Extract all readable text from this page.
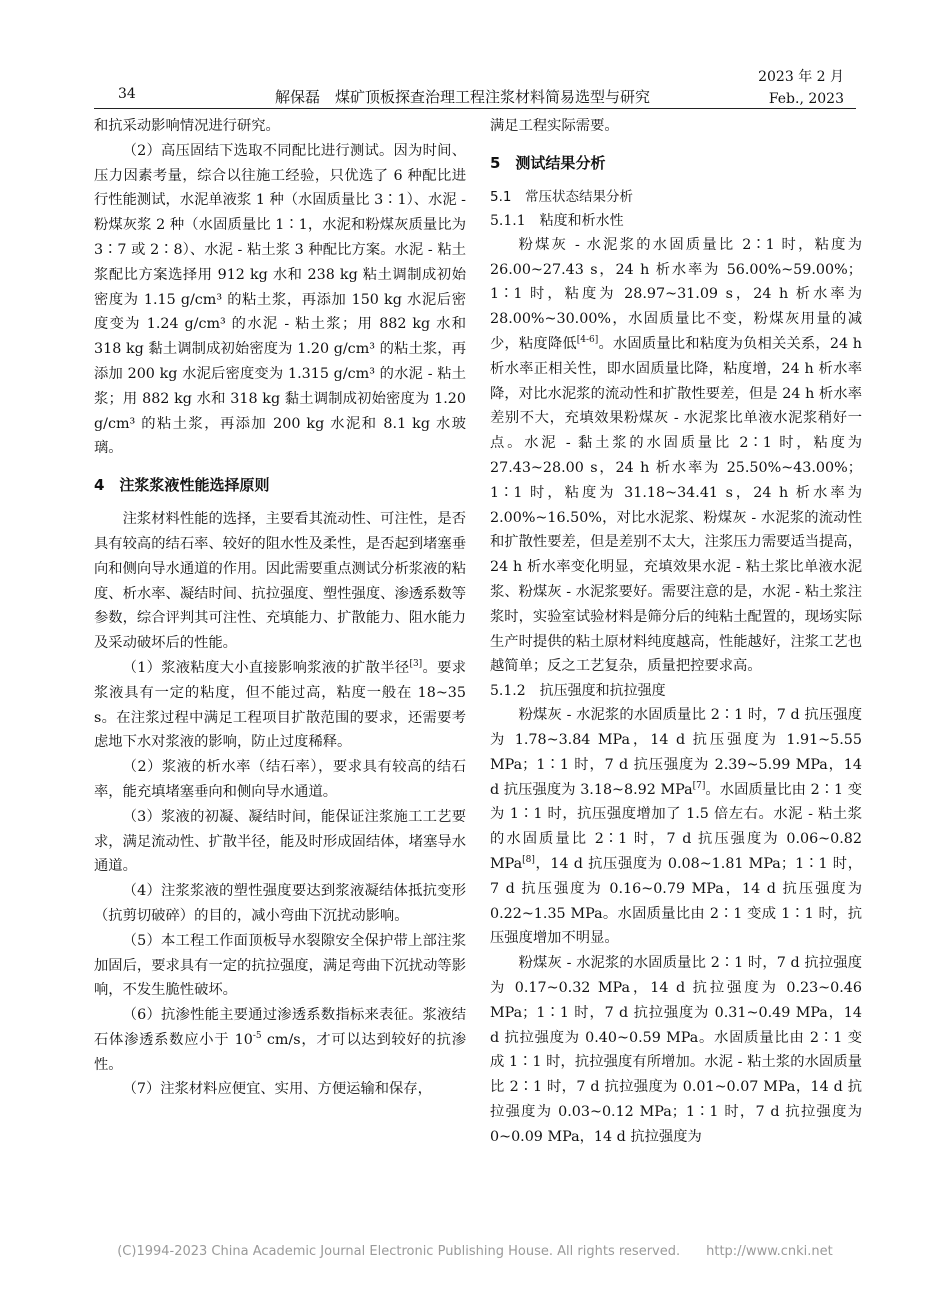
34	解保磊　煤矿顶板探查治理工程注浆材料简易选型与研究
2023 年 2 月
Feb., 2023

和抗采动影响情况进行研究。

（2）高压固结下选取不同配比进行测试。因为时间、压力因素考量，综合以往施工经验，只优选了 6 种配比进行性能测试，水泥单液浆 1 种（水固质量比 3∶1）、水泥 - 粉煤灰浆 2 种（水固质量比 1∶1，水泥和粉煤灰质量比为 3∶7 或 2∶8）、水泥 - 粘土浆 3 种配比方案。水泥 - 粘土浆配比方案选择用 912 kg 水和 238 kg 粘土调制成初始密度为 1.15 g/cm³ 的粘土浆，再添加 150 kg 水泥后密度变为 1.24 g/cm³ 的水泥 - 粘土浆；用 882 kg 水和 318 kg 黏土调制成初始密度为 1.20 g/cm³ 的粘土浆，再添加 200 kg 水泥后密度变为 1.315 g/cm³ 的水泥 - 粘土浆；用 882 kg 水和 318 kg 黏土调制成初始密度为 1.20 g/cm³ 的粘土浆，再添加 200 kg 水泥和 8.1 kg 水玻璃。

4　注浆浆液性能选择原则

注浆材料性能的选择，主要看其流动性、可注性，是否具有较高的结石率、较好的阻水性及柔性，是否起到堵塞垂向和侧向导水通道的作用。因此需要重点测试分析浆液的粘度、析水率、凝结时间、抗拉强度、塑性强度、渗透系数等参数，综合评判其可注性、充填能力、扩散能力、阻水能力及采动破坏后的性能。

（1）浆液粘度大小直接影响浆液的扩散半径[3]。要求浆液具有一定的粘度，但不能过高，粘度一般在 18~35 s。在注浆过程中满足工程项目扩散范围的要求，还需要考虑地下水对浆液的影响，防止过度稀释。

（2）浆液的析水率（结石率），要求具有较高的结石率，能充填堵塞垂向和侧向导水通道。

（3）浆液的初凝、凝结时间，能保证注浆施工工艺要求，满足流动性、扩散半径，能及时形成固结体，堵塞导水通道。

（4）注浆浆液的塑性强度要达到浆液凝结体抵抗变形（抗剪切破碎）的目的，减小弯曲下沉扰动影响。

（5）本工程工作面顶板导水裂隙安全保护带上部注浆加固后，要求具有一定的抗拉强度，满足弯曲下沉扰动等影响，不发生脆性破坏。

（6）抗渗性能主要通过渗透系数指标来表征。浆液结石体渗透系数应小于 $10^{-5}$ cm/s，才可以达到较好的抗渗性。

（7）注浆材料应便宜、实用、方便运输和保存，

满足工程实际需要。

5　测试结果分析
5.1　常压状态结果分析
5.1.1　粘度和析水性

粉煤灰 - 水泥浆的水固质量比 2∶1 时，粘度为 26.00~27.43 s，24 h 析水率为 56.00%~59.00%；1∶1 时，粘度为 28.97~31.09 s，24 h 析水率为 28.00%~30.00%，水固质量比不变，粉煤灰用量的减少，粘度降低[4-6]。水固质量比和粘度为负相关关系，24 h 析水率正相关性，即水固质量比降，粘度增，24 h 析水率降，对比水泥浆的流动性和扩散性要差，但是 24 h 析水率差别不大，充填效果粉煤灰 - 水泥浆比单液水泥浆稍好一点。水泥 - 黏土浆的水固质量比 2∶1 时，粘度为 27.43~28.00 s，24 h 析水率为 25.50%~43.00%；1∶1 时，粘度为 31.18~34.41 s，24 h 析水率为 2.00%~16.50%，对比水泥浆、粉煤灰 - 水泥浆的流动性和扩散性要差，但是差别不太大，注浆压力需要适当提高，24 h 析水率变化明显，充填效果水泥 - 粘土浆比单液水泥浆、粉煤灰 - 水泥浆要好。需要注意的是，水泥 - 粘土浆注浆时，实验室试验材料是筛分后的纯粘土配置的，现场实际生产时提供的粘土原材料纯度越高，性能越好，注浆工艺也越简单；反之工艺复杂，质量把控要求高。

5.1.2　抗压强度和抗拉强度

粉煤灰 - 水泥浆的水固质量比 2∶1 时，7 d 抗压强度为 1.78~3.84 MPa，14 d 抗压强度为 1.91~5.55 MPa；1∶1 时，7 d 抗压强度为 2.39~5.99 MPa，14 d 抗压强度为 3.18~8.92 MPa[7]。水固质量比由 2∶1 变为 1∶1 时，抗压强度增加了 1.5 倍左右。水泥 - 粘土浆的水固质量比 2∶1 时，7 d 抗压强度为 0.06~0.82 MPa[8]，14 d 抗压强度为 0.08~1.81 MPa；1∶1 时，7 d 抗压强度为 0.16~0.79 MPa，14 d 抗压强度为 0.22~1.35 MPa。水固质量比由 2∶1 变成 1∶1 时，抗压强度增加不明显。

粉煤灰 - 水泥浆的水固质量比 2∶1 时，7 d 抗拉强度为 0.17~0.32 MPa，14 d 抗拉强度为 0.23~0.46 MPa；1∶1 时，7 d 抗拉强度为 0.31~0.49 MPa，14 d 抗拉强度为 0.40~0.59 MPa。水固质量比由 2∶1 变成 1∶1 时，抗拉强度有所增加。水泥 - 粘土浆的水固质量比 2∶1 时，7 d 抗拉强度为 0.01~0.07 MPa，14 d 抗拉强度为 0.03~0.12 MPa；1∶1 时，7 d 抗拉强度为 0~0.09 MPa，14 d 抗拉强度为

(C)1994-2023 China Academic Journal Electronic Publishing House. All rights reserved.　　http://www.cnki.net
